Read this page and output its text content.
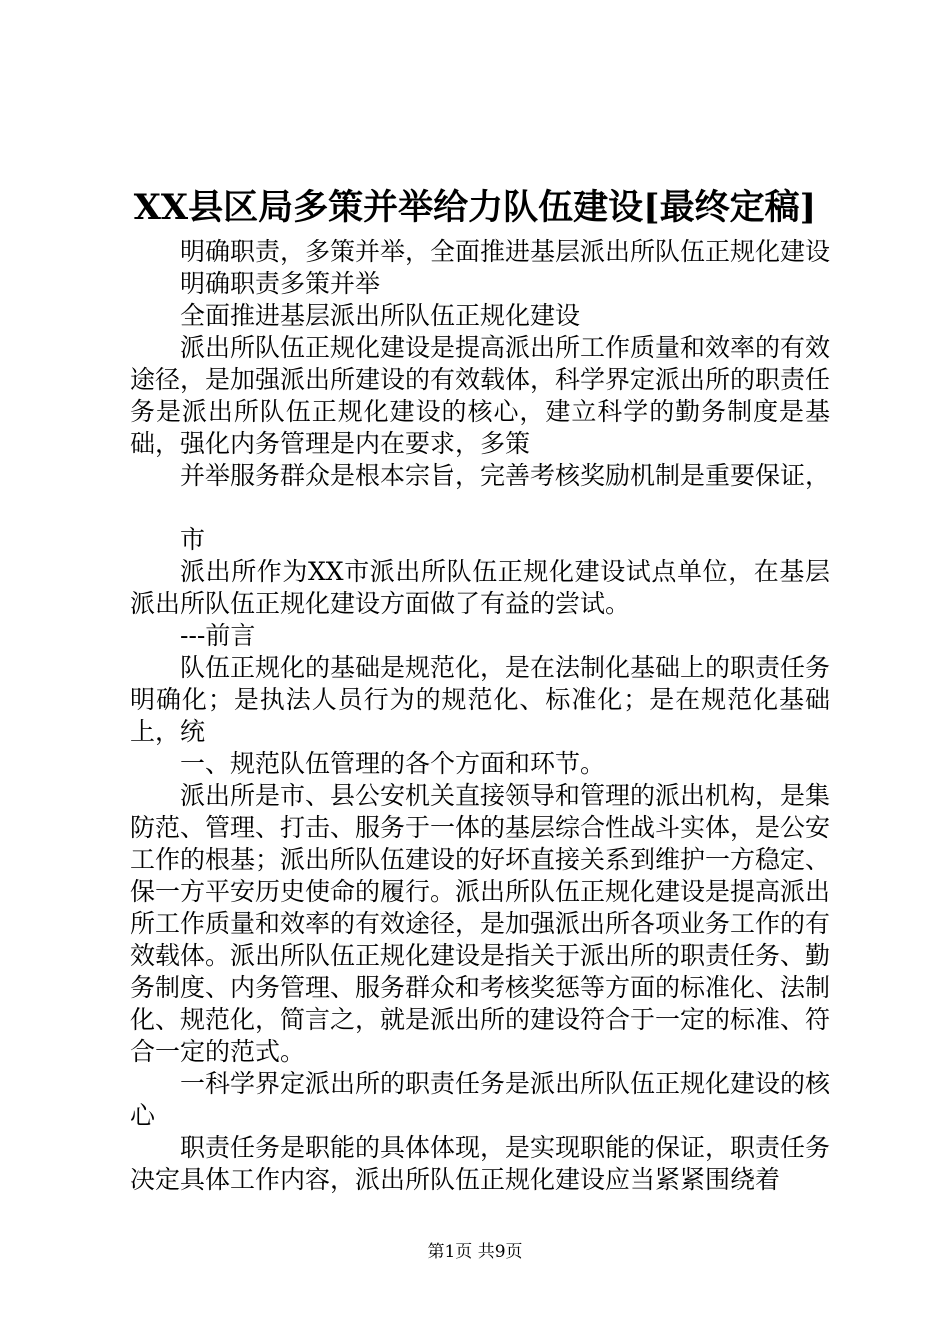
XX县区局多策并举给力队伍建设[最终定稿]

明确职责，多策并举，全面推进基层派出所队伍正规化建设

明确职责多策并举

全面推进基层派出所队伍正规化建设

派出所队伍正规化建设是提高派出所工作质量和效率的有效途径，是加强派出所建设的有效载体，科学界定派出所的职责任务是派出所队伍正规化建设的核心，建立科学的勤务制度是基础，强化内务管理是内在要求，多策

并举服务群众是根本宗旨，完善考核奖励机制是重要保证，

市

派出所作为XX市派出所队伍正规化建设试点单位，在基层派出所队伍正规化建设方面做了有益的尝试。

---前言

队伍正规化的基础是规范化，是在法制化基础上的职责任务明确化；是执法人员行为的规范化、标准化；是在规范化基础上，统

一、规范队伍管理的各个方面和环节。

派出所是市、县公安机关直接领导和管理的派出机构，是集防范、管理、打击、服务于一体的基层综合性战斗实体，是公安工作的根基；派出所队伍建设的好坏直接关系到维护一方稳定、保一方平安历史使命的履行。派出所队伍正规化建设是提高派出所工作质量和效率的有效途径，是加强派出所各项业务工作的有效载体。派出所队伍正规化建设是指关于派出所的职责任务、勤务制度、内务管理、服务群众和考核奖惩等方面的标准化、法制化、规范化，简言之，就是派出所的建设符合于一定的标准、符合一定的范式。

一科学界定派出所的职责任务是派出所队伍正规化建设的核心

职责任务是职能的具体体现，是实现职能的保证，职责任务决定具体工作内容，派出所队伍正规化建设应当紧紧围绕着

第1页 共9页
